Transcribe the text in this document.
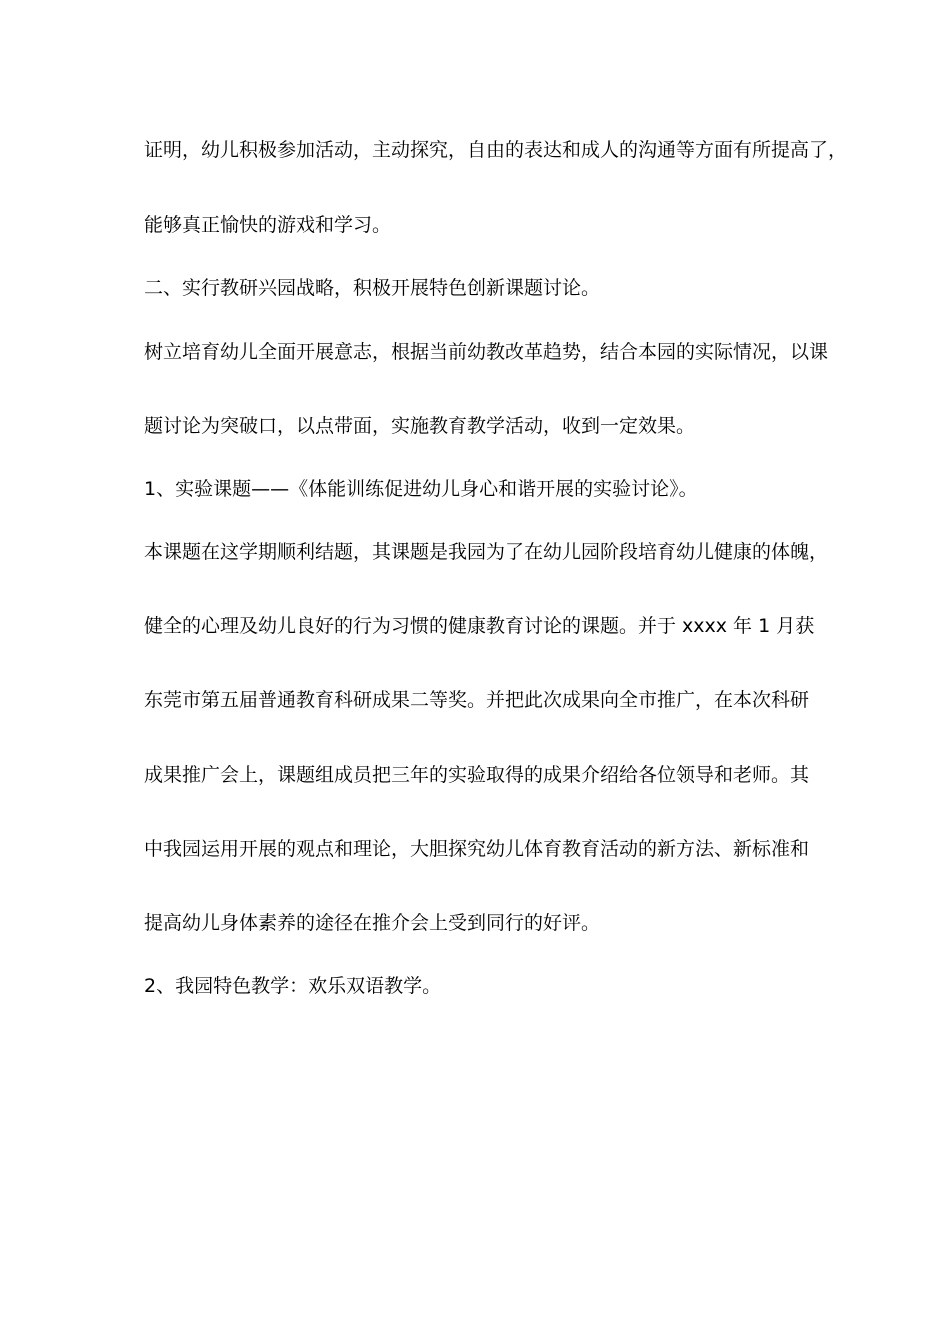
证明，幼儿积极参加活动，主动探究，自由的表达和成人的沟通等方面有所提高了，
能够真正愉快的游戏和学习。
二、实行教研兴园战略，积极开展特色创新课题讨论。
树立培育幼儿全面开展意志，根据当前幼教改革趋势，结合本园的实际情况，以课
题讨论为突破口，以点带面，实施教育教学活动，收到一定效果。
1、实验课题——《体能训练促进幼儿身心和谐开展的实验讨论》。
本课题在这学期顺利结题，其课题是我园为了在幼儿园阶段培育幼儿健康的体魄，
健全的心理及幼儿良好的行为习惯的健康教育讨论的课题。并于 xxxx 年 1 月获
东莞市第五届普通教育科研成果二等奖。并把此次成果向全市推广，在本次科研
成果推广会上，课题组成员把三年的实验取得的成果介绍给各位领导和老师。其
中我园运用开展的观点和理论，大胆探究幼儿体育教育活动的新方法、新标准和
提高幼儿身体素养的途径在推介会上受到同行的好评。
2、我园特色教学：欢乐双语教学。
